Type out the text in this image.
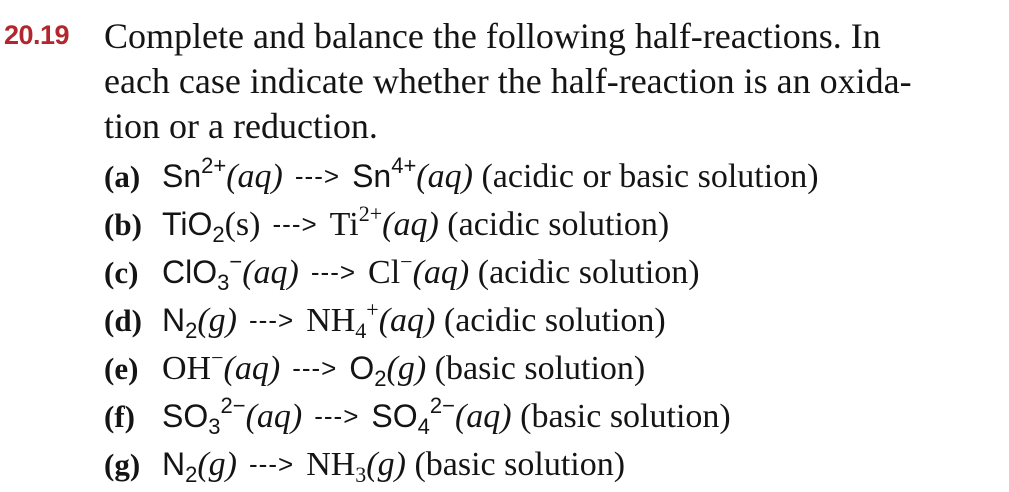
20.19 Complete and balance the following half-reactions. In
each case indicate whether the half-reaction is an oxida-
tion or a reduction.
(a) $Sn^{2+}(aq)$ ---> $Sn^{4+}(aq)$ (acidic or basic solution)
(b) TiO$_2$(s) ---> $Ti^{2+}(aq)$ (acidic solution)
(c) ClO$_3$−(aq) ---> Cl−(aq) (acidic solution)
(d) $N_2(g)$ ---> $NH_4^+(aq)$ (acidic solution)
(e) OH−(aq) ---> $O_2(g)$ (basic solution)
(f) $SO_3^{2-}(aq)$ ---> $SO_4^{2-}(aq)$ (basic solution)
(g) $N_2(g)$ ---> $NH_3(g)$ (basic solution)
